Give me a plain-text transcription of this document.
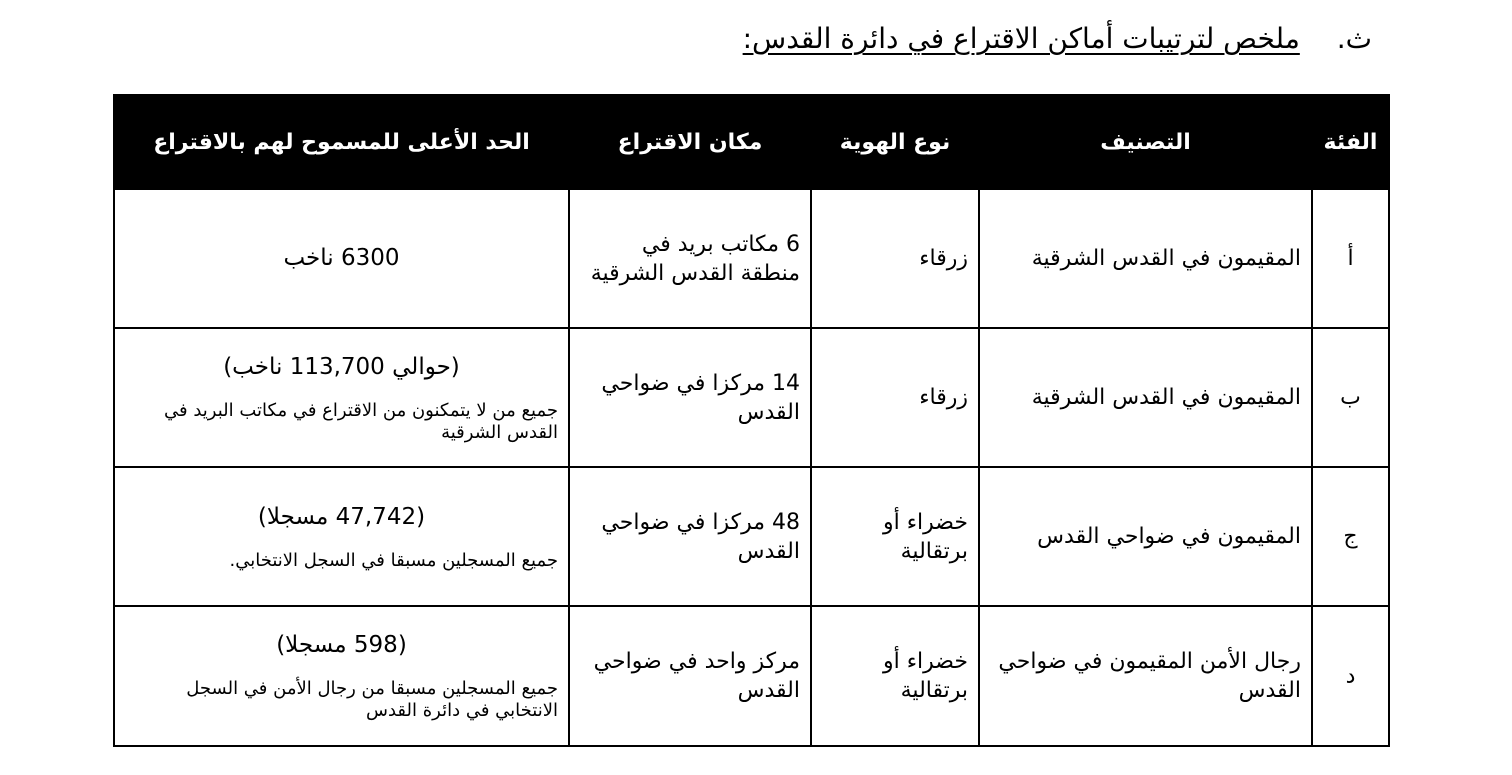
ث. ملخص لترتيبات أماكن الاقتراع في دائرة القدس:
الفئة	التصنيف	نوع الهوية	مكان الاقتراع	الحد الأعلى للمسموح لهم بالاقتراع
أ	المقيمون في القدس الشرقية	زرقاء	6 مكاتب بريد في منطقة القدس الشرقية	6300 ناخب

ب	المقيمون في القدس الشرقية	زرقاء	14 مركزا في ضواحي القدس	(حوالي 113,700 ناخب)
جميع من لا يتمكنون من الاقتراع في مكاتب البريد في القدس الشرقية

ج	المقيمون في ضواحي القدس	خضراء أو برتقالية	48 مركزا في ضواحي القدس	(47,742 مسجلا)
جميع المسجلين مسبقا في السجل الانتخابي.

د	رجال الأمن المقيمون في ضواحي القدس	خضراء أو برتقالية	مركز واحد في ضواحي القدس	(598 مسجلا)
جميع المسجلين مسبقا من رجال الأمن في السجل الانتخابي في دائرة القدس
